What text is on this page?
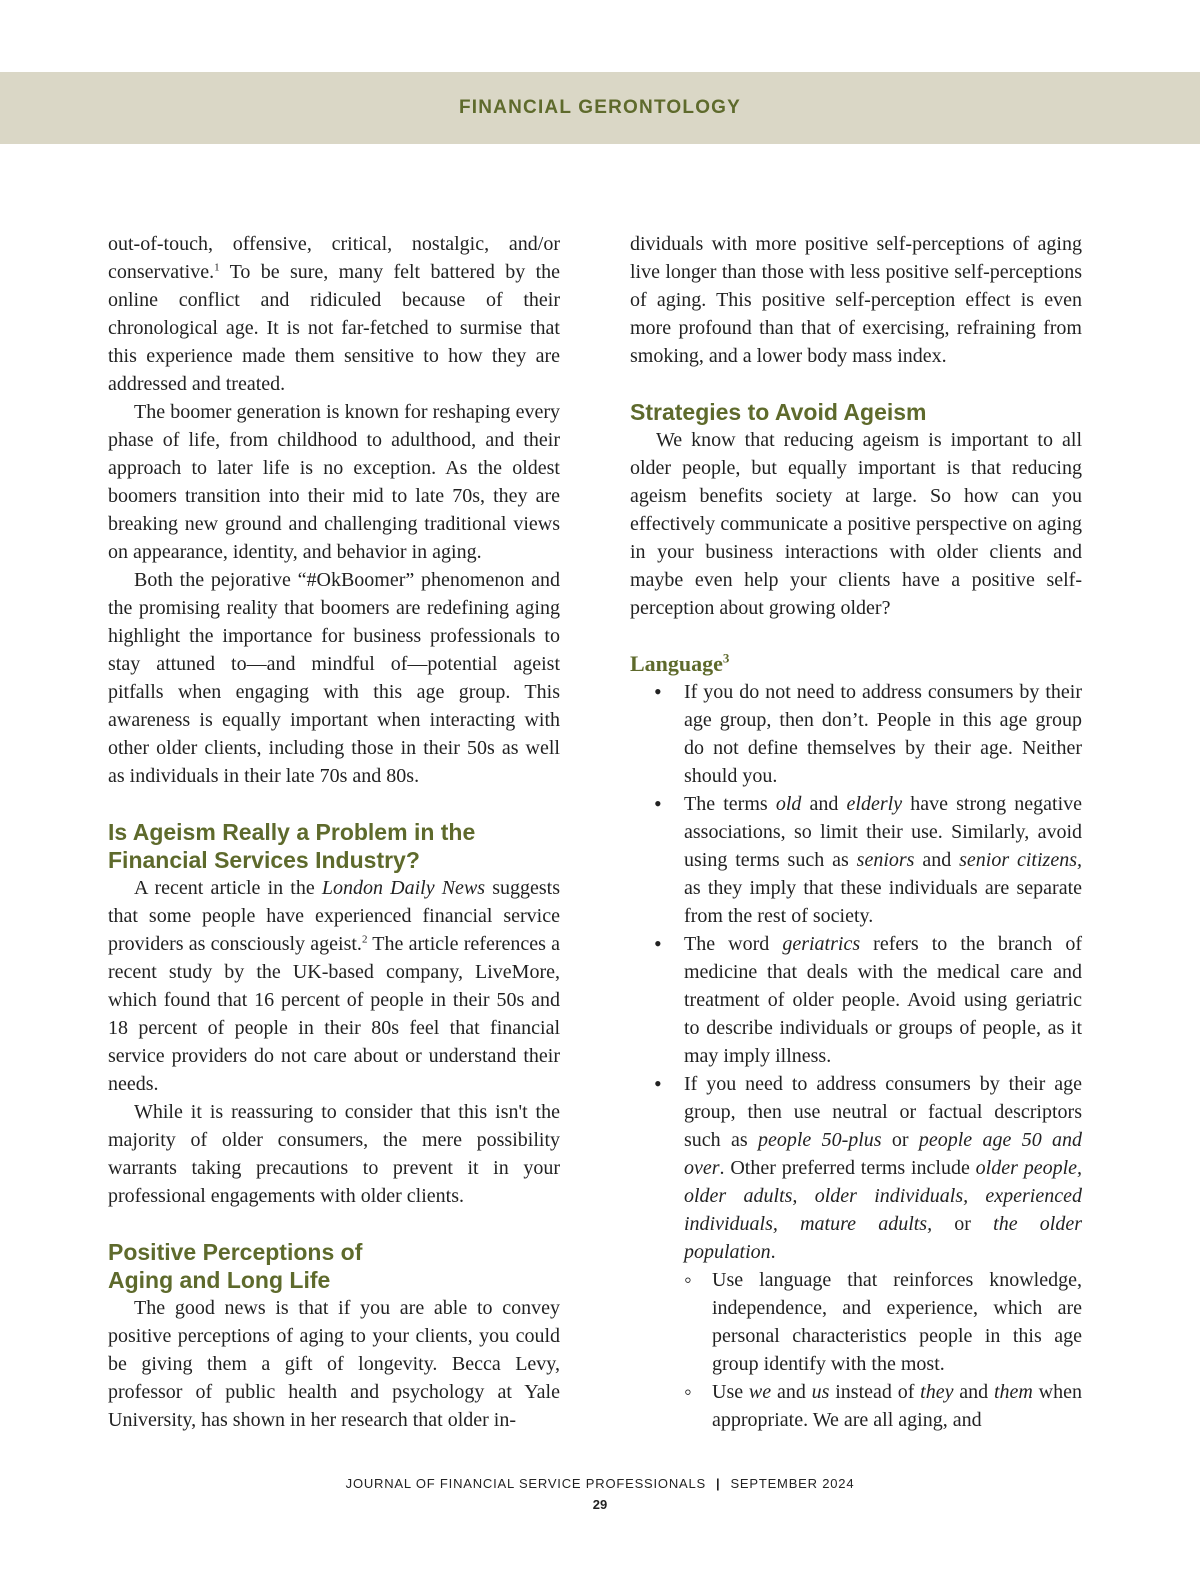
FINANCIAL GERONTOLOGY

out-of-touch, offensive, critical, nostalgic, and/or conservative.$^1$ To be sure, many felt battered by the online conflict and ridiculed because of their chronological age. It is not far-fetched to surmise that this experience made them sensitive to how they are addressed and treated.

The boomer generation is known for reshaping every phase of life, from childhood to adulthood, and their approach to later life is no exception. As the oldest boomers transition into their mid to late 70s, they are breaking new ground and challenging traditional views on appearance, identity, and behavior in aging.

Both the pejorative “#OkBoomer” phenomenon and the promising reality that boomers are redefining aging highlight the importance for business professionals to stay attuned to—and mindful of—potential ageist pitfalls when engaging with this age group. This awareness is equally important when interacting with other older clients, including those in their 50s as well as individuals in their late 70s and 80s.

Is Ageism Really a Problem in the Financial Services Industry?

A recent article in the London Daily News suggests that some people have experienced financial service providers as consciously ageist.$^2$ The article references a recent study by the UK-based company, LiveMore, which found that 16 percent of people in their 50s and 18 percent of people in their 80s feel that financial service providers do not care about or understand their needs.

While it is reassuring to consider that this isn't the majority of older consumers, the mere possibility warrants taking precautions to prevent it in your professional engagements with older clients.

Positive Perceptions of
Aging and Long Life

The good news is that if you are able to convey positive perceptions of aging to your clients, you could be giving them a gift of longevity. Becca Levy, professor of public health and psychology at Yale University, has shown in her research that older in-

dividuals with more positive self-perceptions of aging live longer than those with less positive self-perceptions of aging. This positive self-perception effect is even more profound than that of exercising, refraining from smoking, and a lower body mass index.

Strategies to Avoid Ageism

We know that reducing ageism is important to all older people, but equally important is that reducing ageism benefits society at large. So how can you effectively communicate a positive perspective on aging in your business interactions with older clients and maybe even help your clients have a positive self-perception about growing older?

Language$^3$
• If you do not need to address consumers by their age group, then don’t. People in this age group do not define themselves by their age. Neither should you.
• The terms old and elderly have strong negative associations, so limit their use. Similarly, avoid using terms such as seniors and senior citizens, as they imply that these individuals are separate from the rest of society.
• The word geriatrics refers to the branch of medicine that deals with the medical care and treatment of older people. Avoid using geriatric to describe individuals or groups of people, as it may imply illness.
• If you need to address consumers by their age group, then use neutral or factual descriptors such as people 50-plus or people age 50 and over. Other preferred terms include older people, older adults, older individuals, experienced individuals, mature adults, or the older population.
◦ Use language that reinforces knowledge, independence, and experience, which are personal characteristics people in this age group identify with the most.
◦ Use we and us instead of they and them when appropriate. We are all aging, and
JOURNAL OF FINANCIAL SERVICE PROFESSIONALS | SEPTEMBER 2024
29
